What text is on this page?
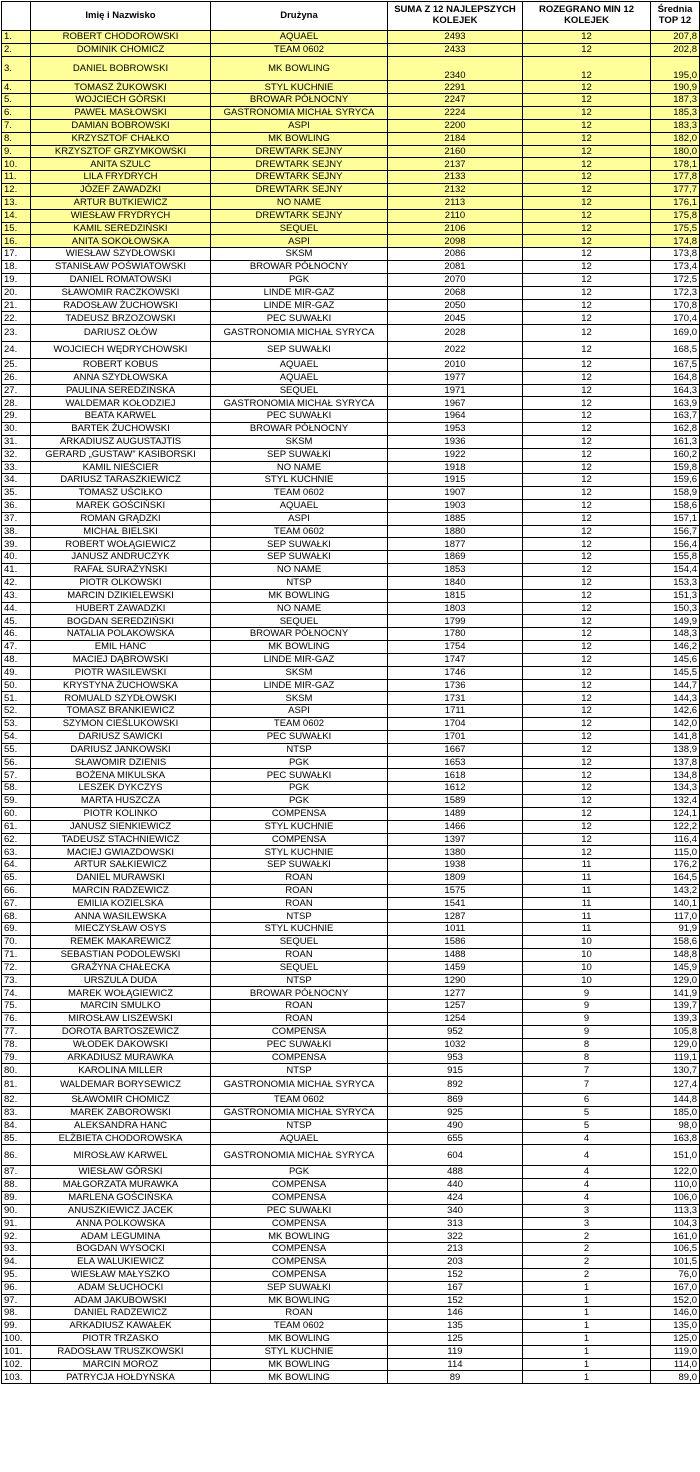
	Imię i Nazwisko	Drużyna	SUMA Z 12 NAJLEPSZYCH KOLEJEK	ROZEGRANO MIN 12 KOLEJEK	Średnia TOP 12
1.	ROBERT CHODOROWSKI	AQUAEL	2493	12	207,8
2.	DOMINIK CHOMICZ	TEAM 0602	2433	12	202,8
3.	DANIEL BOBROWSKI	MK BOWLING	2340	12	195,0
4.	TOMASZ ŻUKOWSKI	STYL KUCHNIE	2291	12	190,9
5.	WOJCIECH GÓRSKI	BROWAR PÓŁNOCNY	2247	12	187,3
6.	PAWEŁ MASŁOWSKI	GASTRONOMIA MICHAŁ SYRYCA	2224	12	185,3
7.	DAMIAN BOBROWSKI	ASPI	2200	12	183,3
8.	KRZYSZTOF CHAŁKO	MK BOWLING	2184	12	182,0
9.	KRZYSZTOF GRZYMKOWSKI	DREWTARK SEJNY	2160	12	180,0
10.	ANITA SZULC	DREWTARK SEJNY	2137	12	178,1
11.	LILA FRYDRYCH	DREWTARK SEJNY	2133	12	177,8
12.	JÓZEF ZAWADZKI	DREWTARK SEJNY	2132	12	177,7
13.	ARTUR BUTKIEWICZ	NO NAME	2113	12	176,1
14.	WIESŁAW FRYDRYCH	DREWTARK SEJNY	2110	12	175,8
15.	KAMIL SEREDZIŃSKI	SEQUEL	2106	12	175,5
16.	ANITA SOKOŁOWSKA	ASPI	2098	12	174,8
17.	WIESŁAW SZYDŁOWSKI	SKSM	2086	12	173,8
18.	STANISŁAW POŚWIATOWSKI	BROWAR PÓŁNOCNY	2081	12	173,4
19.	DANIEL ROMATOWSKI	PGK	2070	12	172,5
20.	SŁAWOMIR RACZKOWSKI	LINDE MIR-GAZ	2068	12	172,3
21.	RADOSŁAW ŻUCHOWSKI	LINDE MIR-GAZ	2050	12	170,8
22.	TADEUSZ BRZOZOWSKI	PEC SUWAŁKI	2045	12	170,4
23.	DARIUSZ OŁÓW	GASTRONOMIA MICHAŁ SYRYCA	2028	12	169,0
24.	WOJCIECH WĘDRYCHOWSKI	SEP SUWAŁKI	2022	12	168,5
25.	ROBERT KOBUS	AQUAEL	2010	12	167,5
26.	ANNA SZYDŁOWSKA	AQUAEL	1977	12	164,8
27.	PAULINA SEREDZIŃSKA	SEQUEL	1971	12	164,3
28.	WALDEMAR KOŁODZIEJ	GASTRONOMIA MICHAŁ SYRYCA	1967	12	163,9
29.	BEATA KARWEL	PEC SUWAŁKI	1964	12	163,7
30.	BARTEK ŻUCHOWSKI	BROWAR PÓŁNOCNY	1953	12	162,8
31.	ARKADIUSZ AUGUSTAJTIS	SKSM	1936	12	161,3
32.	GERARD „GUSTAW” KASIBORSKI	SEP SUWAŁKI	1922	12	160,2
33.	KAMIL NIEŚCIER	NO NAME	1918	12	159,8
34.	DARIUSZ TARASZKIEWICZ	STYL KUCHNIE	1915	12	159,6
35.	TOMASZ UŚCIŁKO	TEAM 0602	1907	12	158,9
36.	MAREK GOŚCIŃSKI	AQUAEL	1903	12	158,6
37.	ROMAN GRĄDZKI	ASPI	1885	12	157,1
38.	MICHAŁ BIELSKI	TEAM 0602	1880	12	156,7
39.	ROBERT WOŁĄGIEWICZ	SEP SUWAŁKI	1877	12	156,4
40.	JANUSZ ANDRUCZYK	SEP SUWAŁKI	1869	12	155,8
41.	RAFAŁ SURAŻYŃSKI	NO NAME	1853	12	154,4
42.	PIOTR OLKOWSKI	NTSP	1840	12	153,3
43.	MARCIN DZIKIELEWSKI	MK BOWLING	1815	12	151,3
44.	HUBERT ZAWADZKI	NO NAME	1803	12	150,3
45.	BOGDAN SEREDZIŃSKI	SEQUEL	1799	12	149,9
46.	NATALIA POLAKOWSKA	BROWAR PÓŁNOCNY	1780	12	148,3
47.	EMIL HANC	MK BOWLING	1754	12	146,2
48.	MACIEJ DĄBROWSKI	LINDE MIR-GAZ	1747	12	145,6
49.	PIOTR WASILEWSKI	SKSM	1746	12	145,5
50.	KRYSTYNA ŻUCHOWSKA	LINDE MIR-GAZ	1736	12	144,7
51.	ROMUALD SZYDŁOWSKI	SKSM	1731	12	144,3
52.	TOMASZ BRANKIEWICZ	ASPI	1711	12	142,6
53.	SZYMON CIEŚLUKOWSKI	TEAM 0602	1704	12	142,0
54.	DARIUSZ SAWICKI	PEC SUWAŁKI	1701	12	141,8
55.	DARIUSZ JANKOWSKI	NTSP	1667	12	138,9
56.	SŁAWOMIR DZIENIS	PGK	1653	12	137,8
57.	BOŻENA MIKULSKA	PEC SUWAŁKI	1618	12	134,8
58.	LESZEK DYKCZYS	PGK	1612	12	134,3
59.	MARTA HUSZCZA	PGK	1589	12	132,4
60.	PIOTR KOLINKO	COMPENSA	1489	12	124,1
61.	JANUSZ SIENKIEWICZ	STYL KUCHNIE	1466	12	122,2
62.	TADEUSZ STACHNIEWICZ	COMPENSA	1397	12	116,4
63.	MACIEJ GWIAZDOWSKI	STYL KUCHNIE	1380	12	115,0
64.	ARTUR SAŁKIEWICZ	SEP SUWAŁKI	1938	11	176,2
65.	DANIEL MURAWSKI	ROAN	1809	11	164,5
66.	MARCIN RADZEWICZ	ROAN	1575	11	143,2
67.	EMILIA KOZIELSKA	ROAN	1541	11	140,1
68.	ANNA WASILEWSKA	NTSP	1287	11	117,0
69.	MIECZYSŁAW OSYS	STYL KUCHNIE	1011	11	91,9
70.	REMEK MAKAREWICZ	SEQUEL	1586	10	158,6
71.	SEBASTIAN PODOLEWSKI	ROAN	1488	10	148,8
72.	GRAŻYNA CHAŁECKA	SEQUEL	1459	10	145,9
73.	URSZULA DUDA	NTSP	1290	10	129,0
74.	MAREK WOŁĄGIEWICZ	BROWAR PÓŁNOCNY	1277	9	141,9
75.	MARCIN SMULKO	ROAN	1257	9	139,7
76.	MIROSŁAW LISZEWSKI	ROAN	1254	9	139,3
77.	DOROTA BARTOSZEWICZ	COMPENSA	952	9	105,8
78.	WŁODEK DAKOWSKI	PEC SUWAŁKI	1032	8	129,0
79.	ARKADIUSZ MURAWKA	COMPENSA	953	8	119,1
80.	KAROLINA MILLER	NTSP	915	7	130,7
81.	WALDEMAR BORYSEWICZ	GASTRONOMIA MICHAŁ SYRYCA	892	7	127,4
82.	SŁAWOMIR CHOMICZ	TEAM 0602	869	6	144,8
83.	MAREK ZABOROWSKI	GASTRONOMIA MICHAŁ SYRYCA	925	5	185,0
84.	ALEKSANDRA HANC	NTSP	490	5	98,0
85.	ELŻBIETA CHODOROWSKA	AQUAEL	655	4	163,8
86.	MIROSŁAW KARWEL	GASTRONOMIA MICHAŁ SYRYCA	604	4	151,0
87.	WIESŁAW GÓRSKI	PGK	488	4	122,0
88.	MAŁGORZATA MURAWKA	COMPENSA	440	4	110,0
89.	MARLENA GOŚCIŃSKA	COMPENSA	424	4	106,0
90.	ANUSZKIEWICZ JACEK	PEC SUWAŁKI	340	3	113,3
91.	ANNA POLKOWSKA	COMPENSA	313	3	104,3
92.	ADAM LEGUMINA	MK BOWLING	322	2	161,0
93.	BOGDAN WYSOCKI	COMPENSA	213	2	106,5
94.	ELA WALUKIEWICZ	COMPENSA	203	2	101,5
95.	WIESŁAW MAŁYSZKO	COMPENSA	152	2	76,0
96.	ADAM SŁUCHOCKI	SEP SUWAŁKI	167	1	167,0
97.	ADAM JAKUBOWSKI	MK BOWLING	152	1	152,0
98.	DANIEL RADZEWICZ	ROAN	146	1	146,0
99.	ARKADIUSZ KAWAŁEK	TEAM 0602	135	1	135,0
100.	PIOTR TRZASKO	MK BOWLING	125	1	125,0
101.	RADOSŁAW TRUSZKOWSKI	STYL KUCHNIE	119	1	119,0
102.	MARCIN MOROZ	MK BOWLING	114	1	114,0
103.	PATRYCJA HOŁDYŃSKA	MK BOWLING	89	1	89,0
